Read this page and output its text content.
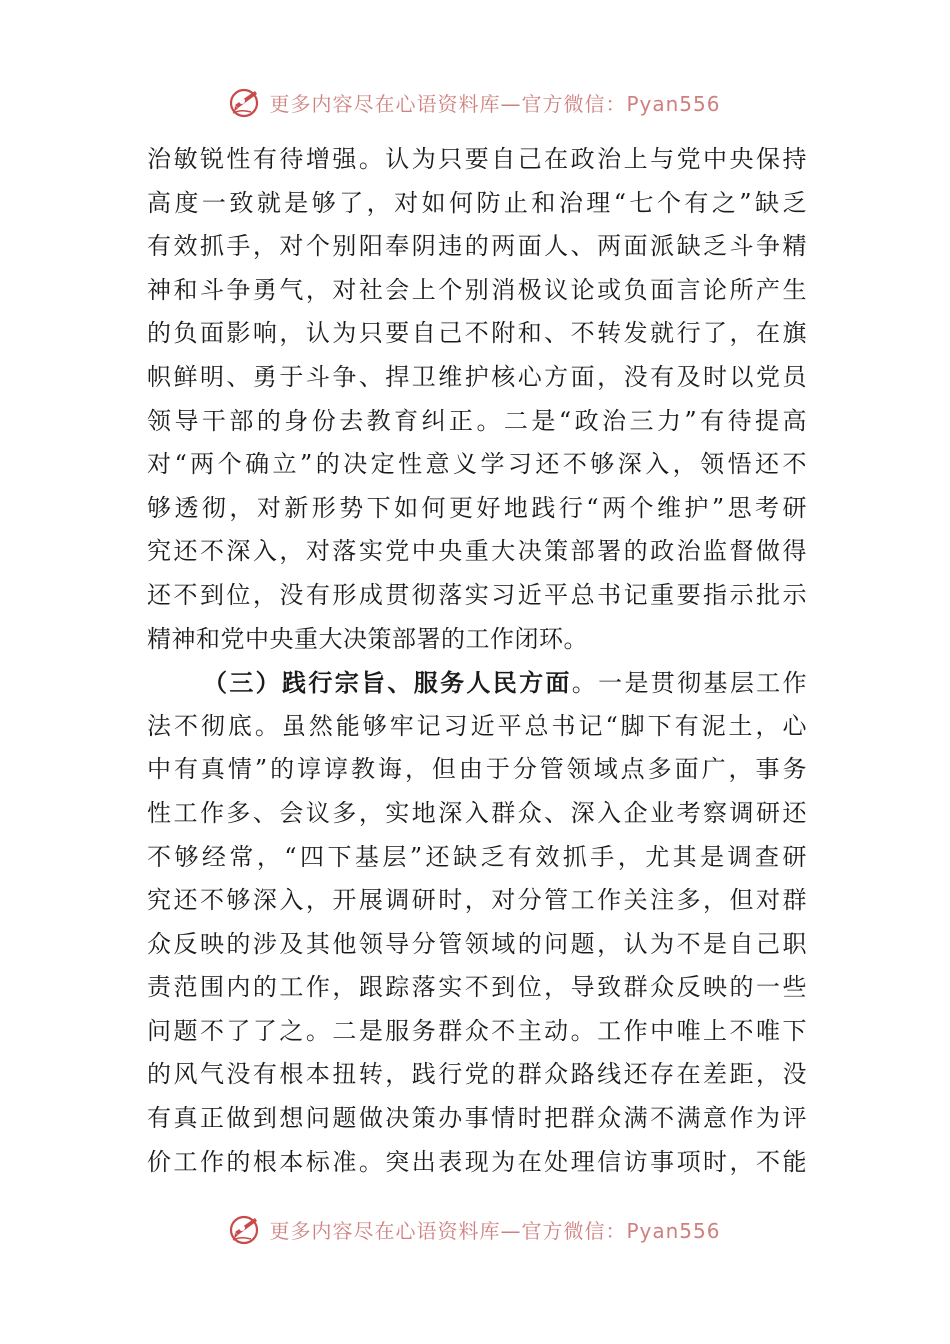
更多内容尽在心语资料库—官方微信：Pyan556
治敏锐性有待增强。认为只要自己在政治上与党中央保持
高度一致就是够了，对如何防止和治理“七个有之”缺乏
有效抓手，对个别阳奉阴违的两面人、两面派缺乏斗争精
神和斗争勇气，对社会上个别消极议论或负面言论所产生
的负面影响，认为只要自己不附和、不转发就行了，在旗
帜鲜明、勇于斗争、捍卫维护核心方面，没有及时以党员
领导干部的身份去教育纠正。二是“政治三力”有待提高
对“两个确立”的决定性意义学习还不够深入，领悟还不
够透彻，对新形势下如何更好地践行“两个维护”思考研
究还不深入，对落实党中央重大决策部署的政治监督做得
还不到位，没有形成贯彻落实习近平总书记重要指示批示
精神和党中央重大决策部署的工作闭环。
（三）践行宗旨、服务人民方面。一是贯彻基层工作
法不彻底。虽然能够牢记习近平总书记“脚下有泥土，心
中有真情”的谆谆教诲，但由于分管领域点多面广，事务
性工作多、会议多，实地深入群众、深入企业考察调研还
不够经常，“四下基层”还缺乏有效抓手，尤其是调查研
究还不够深入，开展调研时，对分管工作关注多，但对群
众反映的涉及其他领导分管领域的问题，认为不是自己职
责范围内的工作，跟踪落实不到位，导致群众反映的一些
问题不了了之。二是服务群众不主动。工作中唯上不唯下
的风气没有根本扭转，践行党的群众路线还存在差距，没
有真正做到想问题做决策办事情时把群众满不满意作为评
价工作的根本标准。突出表现为在处理信访事项时，不能
更多内容尽在心语资料库—官方微信：Pyan556
